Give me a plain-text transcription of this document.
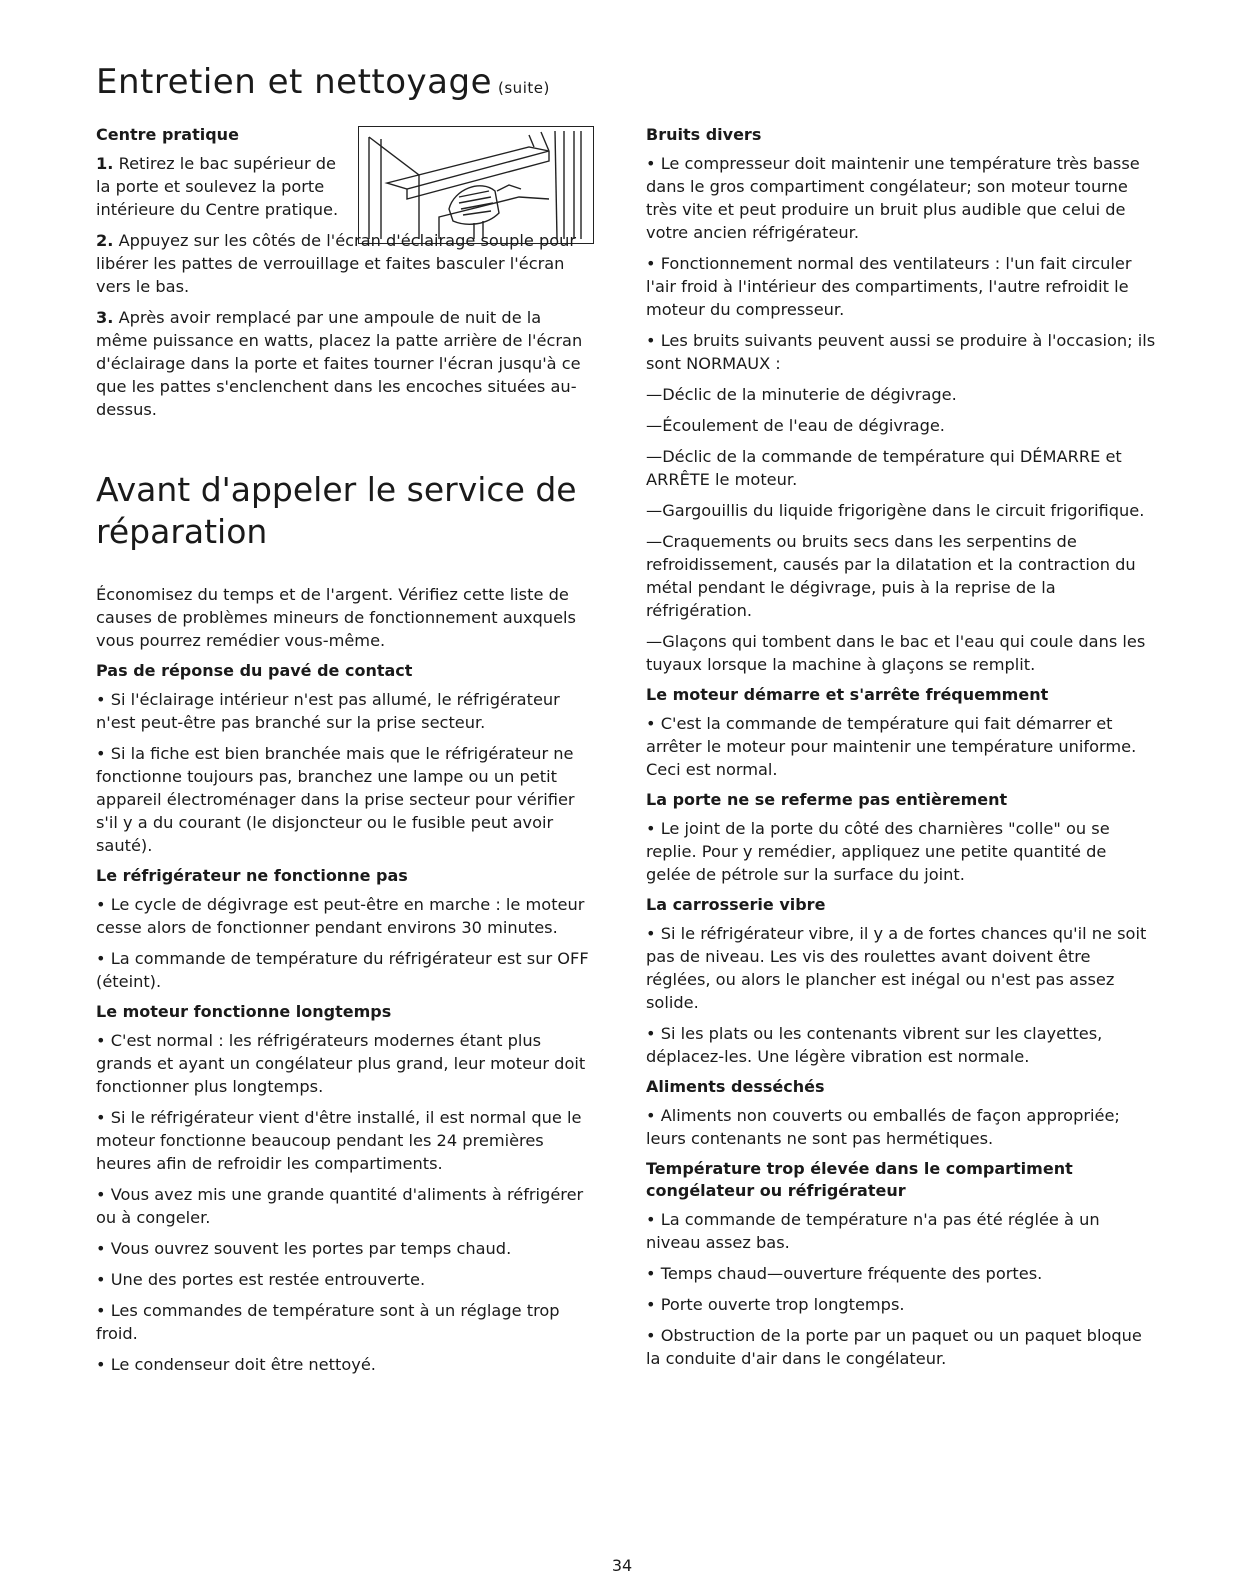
Entretien et nettoyage (suite)
Centre pratique

1. Retirez le bac supérieur de la porte et soulevez la porte intérieure du Centre pratique.

2. Appuyez sur les côtés de l'écran d'éclairage souple pour libérer les pattes de verrouillage et faites basculer l'écran vers le bas.

3. Après avoir remplacé par une ampoule de nuit de la même puissance en watts, placez la patte arrière de l'écran d'éclairage dans la porte et faites tourner l'écran jusqu'à ce que les pattes s'enclenchent dans les encoches situées au-dessus.

Avant d'appeler le service de réparation

Économisez du temps et de l'argent. Vérifiez cette liste de causes de problèmes mineurs de fonctionnement auxquels vous pourrez remédier vous-même.

Pas de réponse du pavé de contact

• Si l'éclairage intérieur n'est pas allumé, le réfrigérateur n'est peut-être pas branché sur la prise secteur.

• Si la fiche est bien branchée mais que le réfrigérateur ne fonctionne toujours pas, branchez une lampe ou un petit appareil électroménager dans la prise secteur pour vérifier s'il y a du courant (le disjoncteur ou le fusible peut avoir sauté).

Le réfrigérateur ne fonctionne pas

• Le cycle de dégivrage est peut-être en marche : le moteur cesse alors de fonctionner pendant environs 30 minutes.

• La commande de température du réfrigérateur est sur OFF (éteint).

Le moteur fonctionne longtemps

• C'est normal : les réfrigérateurs modernes étant plus grands et ayant un congélateur plus grand, leur moteur doit fonctionner plus longtemps.

• Si le réfrigérateur vient d'être installé, il est normal que le moteur fonctionne beaucoup pendant les 24 premières heures afin de refroidir les compartiments.

• Vous avez mis une grande quantité d'aliments à réfrigérer ou à congeler.

• Vous ouvrez souvent les portes par temps chaud.

• Une des portes est restée entrouverte.

• Les commandes de température sont à un réglage trop froid.

• Le condenseur doit être nettoyé.

Bruits divers

• Le compresseur doit maintenir une température très basse dans le gros compartiment congélateur; son moteur tourne très vite et peut produire un bruit plus audible que celui de votre ancien réfrigérateur.

• Fonctionnement normal des ventilateurs : l'un fait circuler l'air froid à l'intérieur des compartiments, l'autre refroidit le moteur du compresseur.

• Les bruits suivants peuvent aussi se produire à l'occasion; ils sont NORMAUX :

—Déclic de la minuterie de dégivrage.

—Écoulement de l'eau de dégivrage.

—Déclic de la commande de température qui DÉMARRE et ARRÊTE le moteur.

—Gargouillis du liquide frigorigène dans le circuit frigorifique.

—Craquements ou bruits secs dans les serpentins de refroidissement, causés par la dilatation et la contraction du métal pendant le dégivrage, puis à la reprise de la réfrigération.

—Glaçons qui tombent dans le bac et l'eau qui coule dans les tuyaux lorsque la machine à glaçons se remplit.

Le moteur démarre et s'arrête fréquemment

• C'est la commande de température qui fait démarrer et arrêter le moteur pour maintenir une température uniforme. Ceci est normal.

La porte ne se referme pas entièrement

• Le joint de la porte du côté des charnières "colle" ou se replie. Pour y remédier, appliquez une petite quantité de gelée de pétrole sur la surface du joint.

La carrosserie vibre

• Si le réfrigérateur vibre, il y a de fortes chances qu'il ne soit pas de niveau. Les vis des roulettes avant doivent être réglées, ou alors le plancher est inégal ou n'est pas assez solide.

• Si les plats ou les contenants vibrent sur les clayettes, déplacez-les. Une légère vibration est normale.

Aliments desséchés

• Aliments non couverts ou emballés de façon appropriée; leurs contenants ne sont pas hermétiques.

Température trop élevée dans le compartiment congélateur ou réfrigérateur

• La commande de température n'a pas été réglée à un niveau assez bas.

• Temps chaud—ouverture fréquente des portes.

• Porte ouverte trop longtemps.

• Obstruction de la porte par un paquet ou un paquet bloque la conduite d'air dans le congélateur.

34
